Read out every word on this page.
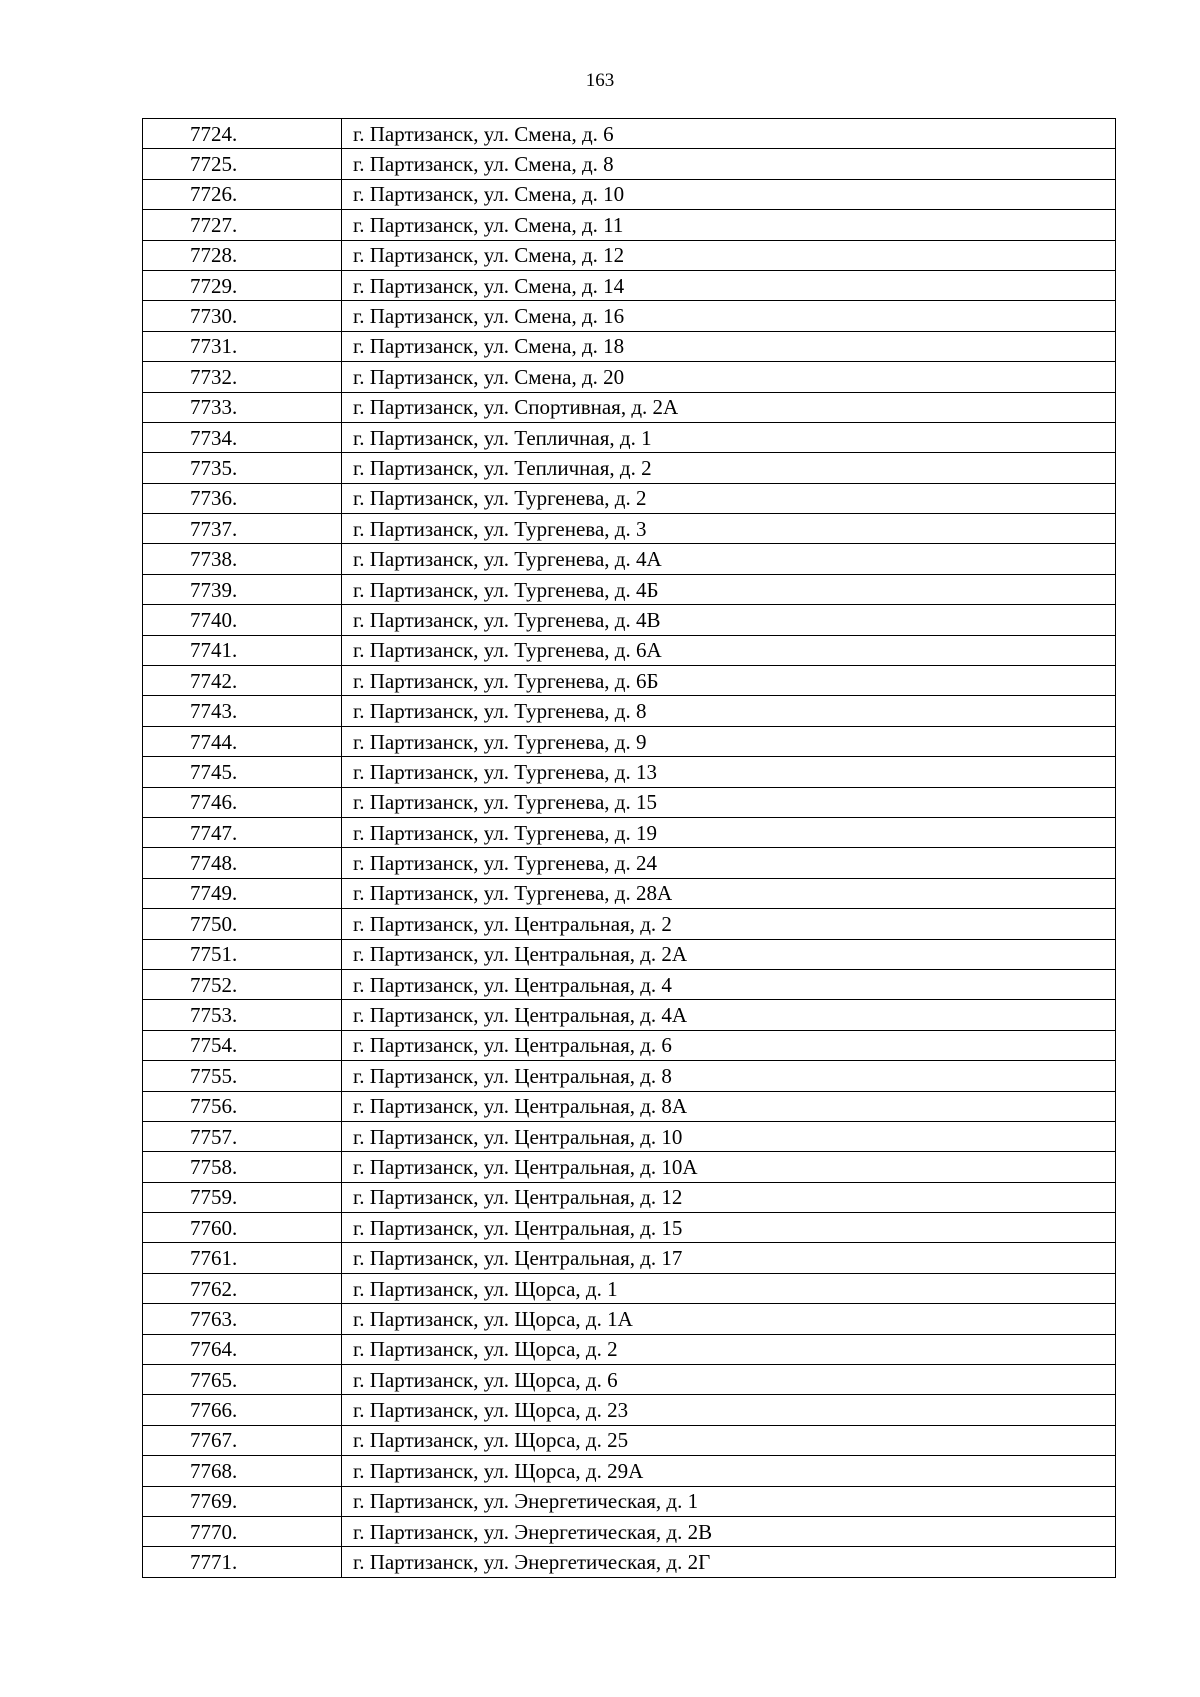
163
7724.	г. Партизанск, ул. Смена, д. 6
7725.	г. Партизанск, ул. Смена, д. 8
7726.	г. Партизанск, ул. Смена, д. 10
7727.	г. Партизанск, ул. Смена, д. 11
7728.	г. Партизанск, ул. Смена, д. 12
7729.	г. Партизанск, ул. Смена, д. 14
7730.	г. Партизанск, ул. Смена, д. 16
7731.	г. Партизанск, ул. Смена, д. 18
7732.	г. Партизанск, ул. Смена, д. 20
7733.	г. Партизанск, ул. Спортивная, д. 2А
7734.	г. Партизанск, ул. Тепличная, д. 1
7735.	г. Партизанск, ул. Тепличная, д. 2
7736.	г. Партизанск, ул. Тургенева, д. 2
7737.	г. Партизанск, ул. Тургенева, д. 3
7738.	г. Партизанск, ул. Тургенева, д. 4А
7739.	г. Партизанск, ул. Тургенева, д. 4Б
7740.	г. Партизанск, ул. Тургенева, д. 4В
7741.	г. Партизанск, ул. Тургенева, д. 6А
7742.	г. Партизанск, ул. Тургенева, д. 6Б
7743.	г. Партизанск, ул. Тургенева, д. 8
7744.	г. Партизанск, ул. Тургенева, д. 9
7745.	г. Партизанск, ул. Тургенева, д. 13
7746.	г. Партизанск, ул. Тургенева, д. 15
7747.	г. Партизанск, ул. Тургенева, д. 19
7748.	г. Партизанск, ул. Тургенева, д. 24
7749.	г. Партизанск, ул. Тургенева, д. 28А
7750.	г. Партизанск, ул. Центральная, д. 2
7751.	г. Партизанск, ул. Центральная, д. 2А
7752.	г. Партизанск, ул. Центральная, д. 4
7753.	г. Партизанск, ул. Центральная, д. 4А
7754.	г. Партизанск, ул. Центральная, д. 6
7755.	г. Партизанск, ул. Центральная, д. 8
7756.	г. Партизанск, ул. Центральная, д. 8А
7757.	г. Партизанск, ул. Центральная, д. 10
7758.	г. Партизанск, ул. Центральная, д. 10А
7759.	г. Партизанск, ул. Центральная, д. 12
7760.	г. Партизанск, ул. Центральная, д. 15
7761.	г. Партизанск, ул. Центральная, д. 17
7762.	г. Партизанск, ул. Щорса, д. 1
7763.	г. Партизанск, ул. Щорса, д. 1А
7764.	г. Партизанск, ул. Щорса, д. 2
7765.	г. Партизанск, ул. Щорса, д. 6
7766.	г. Партизанск, ул. Щорса, д. 23
7767.	г. Партизанск, ул. Щорса, д. 25
7768.	г. Партизанск, ул. Щорса, д. 29А
7769.	г. Партизанск, ул. Энергетическая, д. 1
7770.	г. Партизанск, ул. Энергетическая, д. 2В
7771.	г. Партизанск, ул. Энергетическая, д. 2Г
